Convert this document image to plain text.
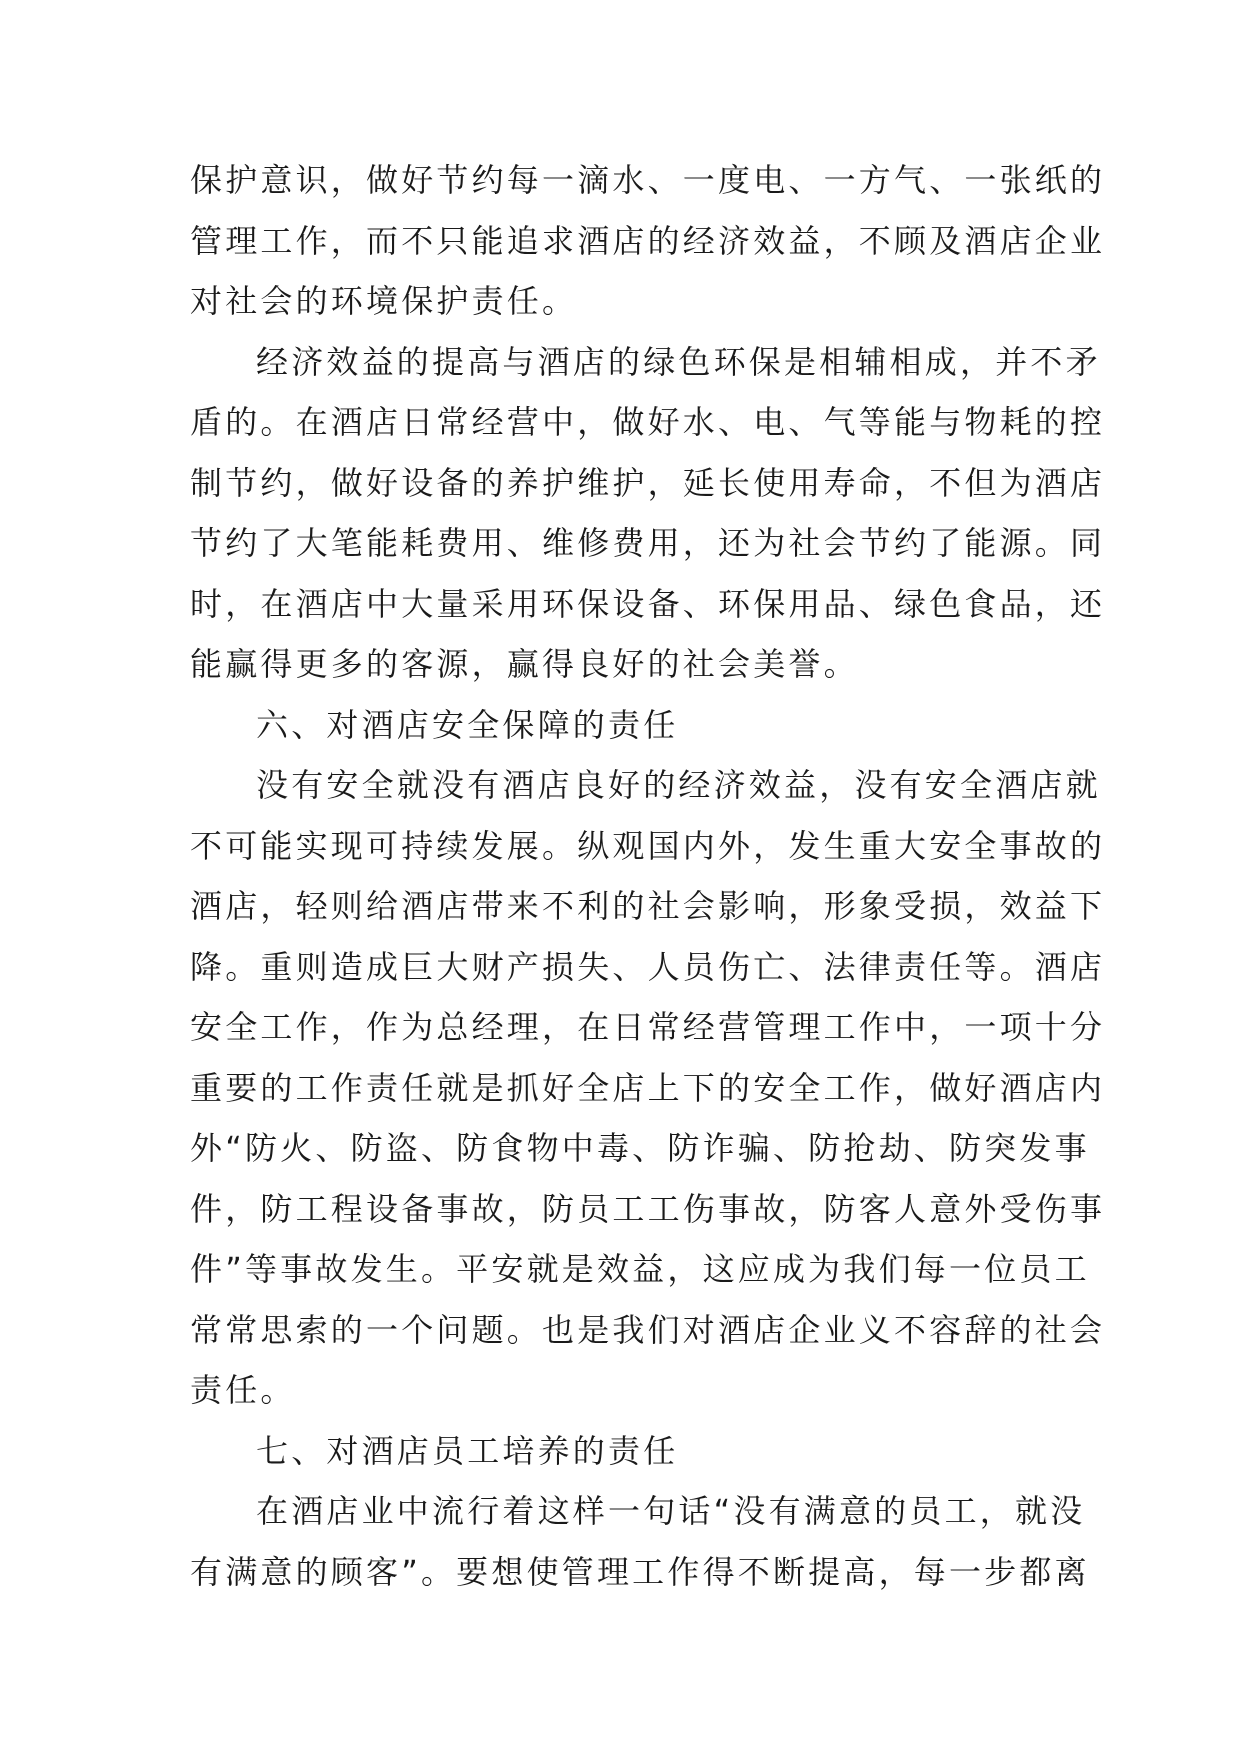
保护意识，做好节约每一滴水、一度电、一方气、一张纸的
管理工作，而不只能追求酒店的经济效益，不顾及酒店企业
对社会的环境保护责任。
经济效益的提高与酒店的绿色环保是相辅相成，并不矛
盾的。在酒店日常经营中，做好水、电、气等能与物耗的控
制节约，做好设备的养护维护，延长使用寿命，不但为酒店
节约了大笔能耗费用、维修费用，还为社会节约了能源。同
时，在酒店中大量采用环保设备、环保用品、绿色食品，还
能赢得更多的客源，赢得良好的社会美誉。
六、对酒店安全保障的责任
没有安全就没有酒店良好的经济效益，没有安全酒店就
不可能实现可持续发展。纵观国内外，发生重大安全事故的
酒店，轻则给酒店带来不利的社会影响，形象受损，效益下
降。重则造成巨大财产损失、人员伤亡、法律责任等。酒店
安全工作，作为总经理，在日常经营管理工作中，一项十分
重要的工作责任就是抓好全店上下的安全工作，做好酒店内
外“防火、防盗、防食物中毒、防诈骗、防抢劫、防突发事
件，防工程设备事故，防员工工伤事故，防客人意外受伤事
件”等事故发生。平安就是效益，这应成为我们每一位员工
常常思索的一个问题。也是我们对酒店企业义不容辞的社会
责任。
七、对酒店员工培养的责任
在酒店业中流行着这样一句话“没有满意的员工，就没
有满意的顾客”。要想使管理工作得不断提高，每一步都离
